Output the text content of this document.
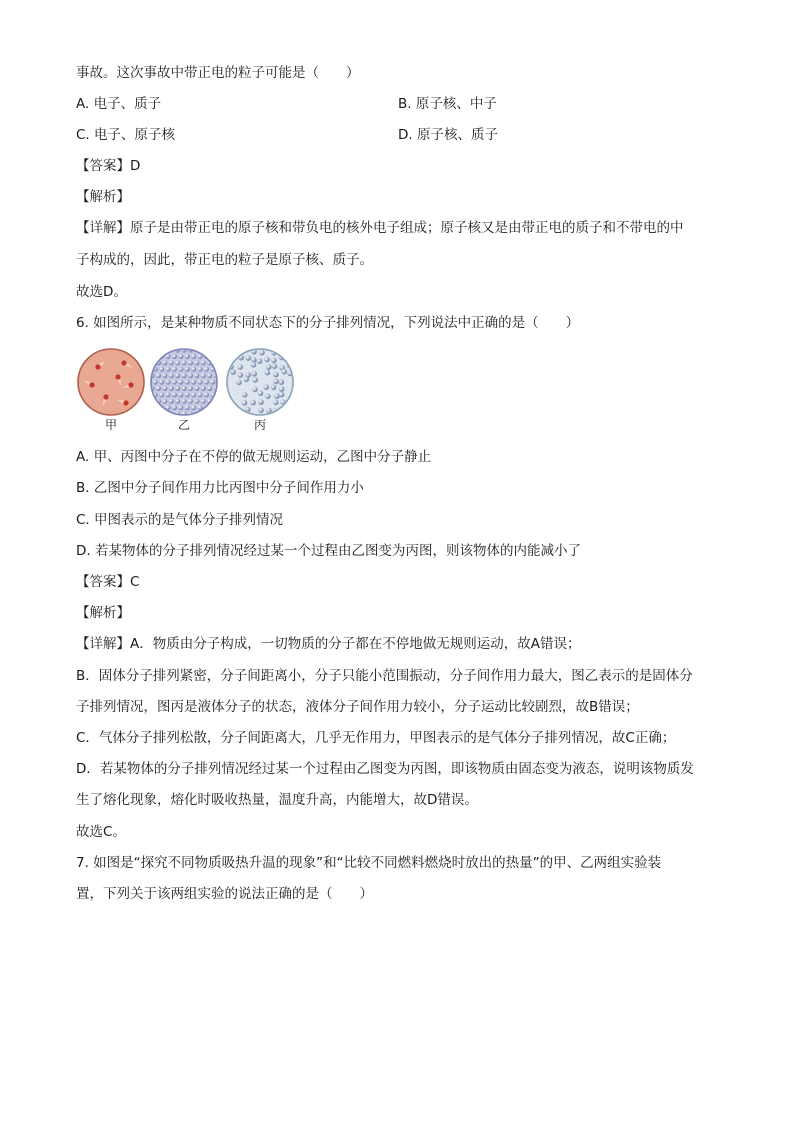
事故。这次事故中带正电的粒子可能是（　　）
A. 电子、质子	B. 原子核、中子
C. 电子、原子核	D. 原子核、质子
【答案】D
【解析】
【详解】原子是由带正电的原子核和带负电的核外电子组成；原子核又是由带正电的质子和不带电的中
子构成的，因此，带正电的粒子是原子核、质子。
故选D。
6. 如图所示，是某种物质不同状态下的分子排列情况，下列说法中正确的是（　　）
甲	乙	丙
A. 甲、丙图中分子在不停的做无规则运动，乙图中分子静止
B. 乙图中分子间作用力比丙图中分子间作用力小
C. 甲图表示的是气体分子排列情况
D. 若某物体的分子排列情况经过某一个过程由乙图变为丙图，则该物体的内能减小了
【答案】C
【解析】
【详解】A．物质由分子构成，一切物质的分子都在不停地做无规则运动，故A错误；
B．固体分子排列紧密，分子间距离小，分子只能小范围振动，分子间作用力最大，图乙表示的是固体分
子排列情况，图丙是液体分子的状态，液体分子间作用力较小，分子运动比较剧烈，故B错误；
C．气体分子排列松散，分子间距离大，几乎无作用力，甲图表示的是气体分子排列情况，故C正确；
D．若某物体的分子排列情况经过某一个过程由乙图变为丙图，即该物质由固态变为液态，说明该物质发
生了熔化现象，熔化时吸收热量，温度升高，内能增大，故D错误。
故选C。
7. 如图是“探究不同物质吸热升温的现象”和“比较不同燃料燃烧时放出的热量”的甲、乙两组实验装
置，下列关于该两组实验的说法正确的是（　　）
